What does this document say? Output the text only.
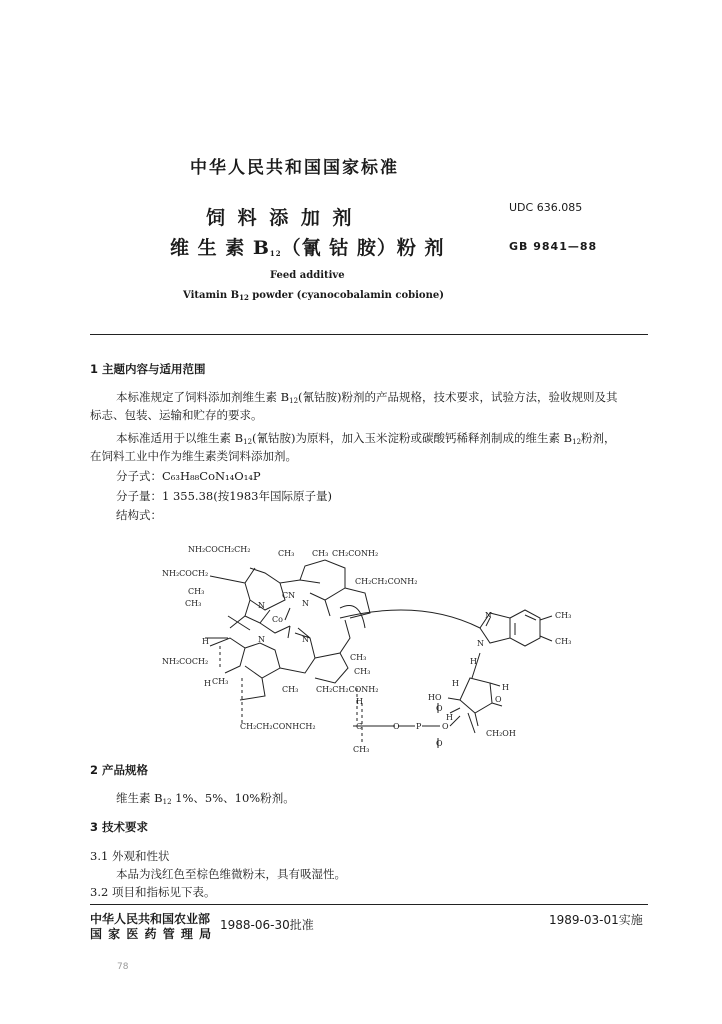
中华人民共和国国家标准
饲 料 添 加 剂
维 生 素 $B_{12}$（氰 钴 胺）粉 剂
UDC 636.085
GB 9841—88
Feed additive
Vitamin $B_{12}$ powder (cyanocobalamin cobione)
1 主题内容与适用范围
本标准规定了饲料添加剂维生素 $B_{12}$(氰钴胺)粉剂的产品规格，技术要求，试验方法，验收规则及其
标志、包装、运输和贮存的要求。
本标准适用于以维生素 $B_{12}$(氰钴胺)为原料，加入玉米淀粉或碳酸钙稀释剂制成的维生素 $B_{12}$粉剂，
在饲料工业中作为维生素类饲料添加剂。
分子式：C₆₃H₈₈CoN₁₄O₁₄P
分子量：1 355.38(按1983年国际原子量)
结构式：
NH₂COCH₂CH₂	CH₃ CH₃ CH₂CONH₂
NH₂COCH₂
CH₂CH₂CONH₂
CH₃
CH₃
CN
N	N
Co
H	N	N
NH₂COCH₂	CH₃
CH₃
H CH₃
CH₃ CH₂CH₂CONH₂
H
CH₂CH₂CONHCH₂	C	O P
O
O
O
CH₃
N
N
CH₃
CH₃
H
HO
H
H
O
CH₂OH
H
2 产品规格
维生素 $B_{12}$ 1%、5%、10%粉剂。
3 技术要求
3.1 外观和性状
本品为浅红色至棕色维微粉末，具有吸湿性。
3.2 项目和指标见下表。
中华人民共和国农业部
国 家 医 药 管 理 局
1988-06-30批准	1989-03-01实施
78
